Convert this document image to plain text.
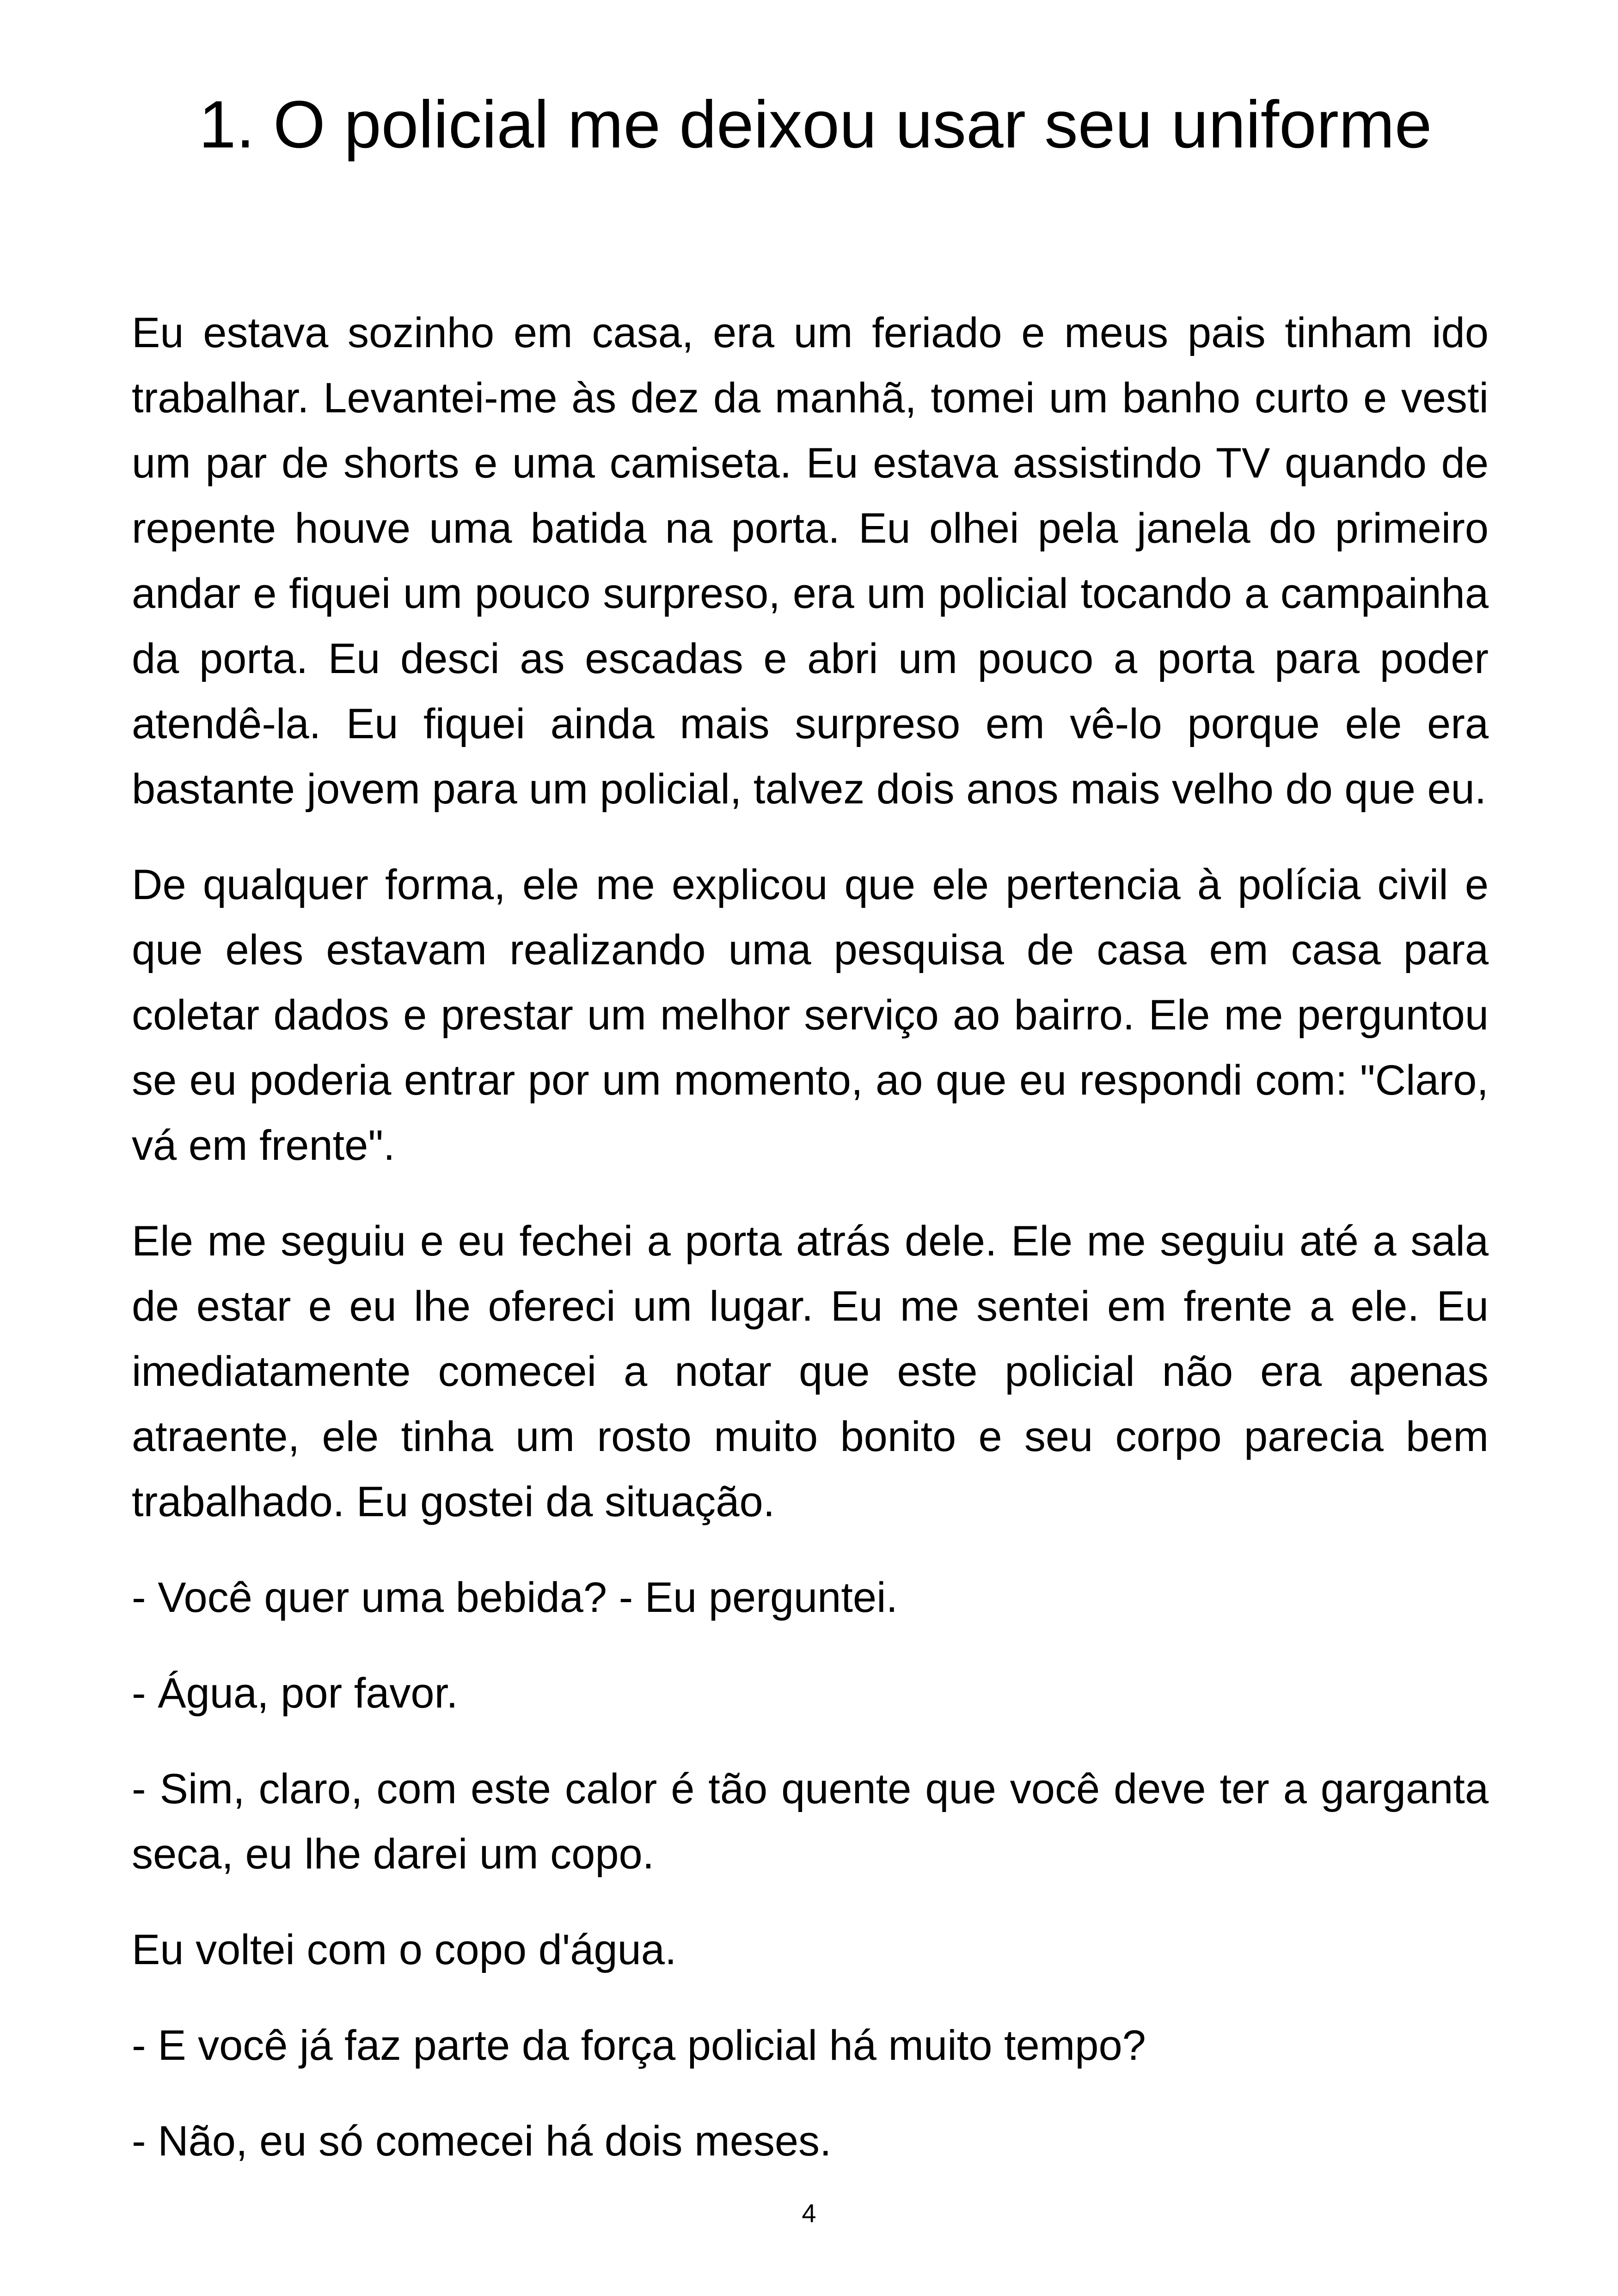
1. O policial me deixou usar seu uniforme

Eu estava sozinho em casa, era um feriado e meus pais tinham ido trabalhar. Levantei-me às dez da manhã, tomei um banho curto e vesti um par de shorts e uma camiseta. Eu estava assistindo TV quando de repente houve uma batida na porta. Eu olhei pela janela do primeiro andar e fiquei um pouco surpreso, era um policial tocando a campainha da porta. Eu desci as escadas e abri um pouco a porta para poder atendê-la. Eu fiquei ainda mais surpreso em vê-lo porque ele era bastante jovem para um policial, talvez dois anos mais velho do que eu.

De qualquer forma, ele me explicou que ele pertencia à polícia civil e que eles estavam realizando uma pesquisa de casa em casa para coletar dados e prestar um melhor serviço ao bairro. Ele me perguntou se eu poderia entrar por um momento, ao que eu respondi com: "Claro, vá em frente".

Ele me seguiu e eu fechei a porta atrás dele. Ele me seguiu até a sala de estar e eu lhe ofereci um lugar. Eu me sentei em frente a ele. Eu imediatamente comecei a notar que este policial não era apenas atraente, ele tinha um rosto muito bonito e seu corpo parecia bem trabalhado. Eu gostei da situação.

- Você quer uma bebida? - Eu perguntei.

- Água, por favor.

- Sim, claro, com este calor é tão quente que você deve ter a garganta seca, eu lhe darei um copo.

Eu voltei com o copo d'água.

- E você já faz parte da força policial há muito tempo?

- Não, eu só comecei há dois meses.

4
